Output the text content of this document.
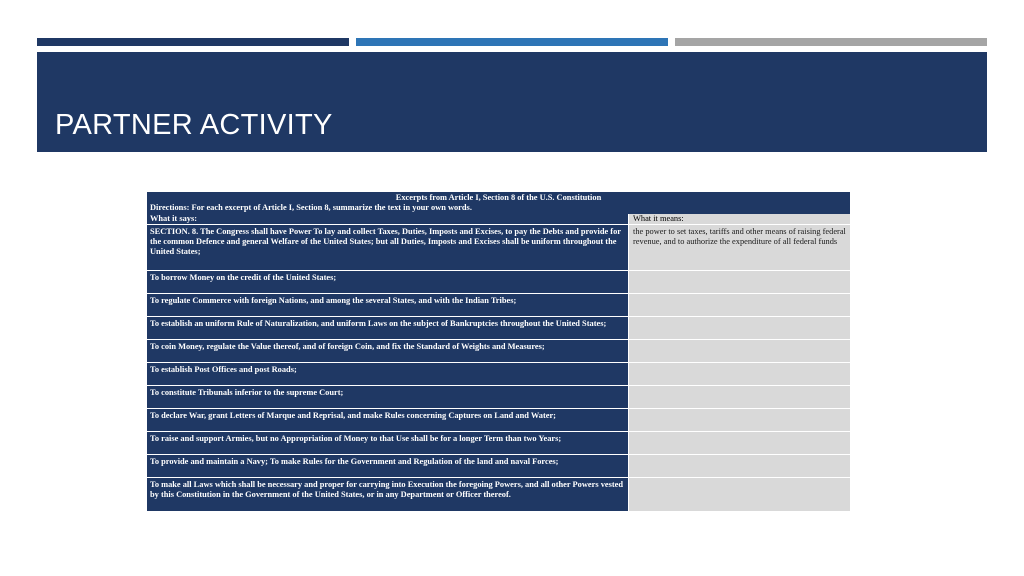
PARTNER ACTIVITY
Excerpts from Article I, Section 8 of the U.S. Constitution
Directions: For each excerpt of Article I, Section 8, summarize the text in your own words.
What it says:	What it means:
SECTION. 8. The Congress shall have Power To lay and collect Taxes, Duties, Imposts and Excises, to pay the Debts and provide for the common Defence and general Welfare of the United States; but all Duties, Imposts and Excises shall be uniform throughout the United States;
the power to set taxes, tariffs and other means of raising federal revenue, and to authorize the expenditure of all federal funds
To borrow Money on the credit of the United States;
To regulate Commerce with foreign Nations, and among the several States, and with the Indian Tribes;
To establish an uniform Rule of Naturalization, and uniform Laws on the subject of Bankruptcies throughout the United States;
To coin Money, regulate the Value thereof, and of foreign Coin, and fix the Standard of Weights and Measures;
To establish Post Offices and post Roads;
To constitute Tribunals inferior to the supreme Court;
To declare War, grant Letters of Marque and Reprisal, and make Rules concerning Captures on Land and Water;
To raise and support Armies, but no Appropriation of Money to that Use shall be for a longer Term than two Years;
To provide and maintain a Navy; To make Rules for the Government and Regulation of the land and naval Forces;
To make all Laws which shall be necessary and proper for carrying into Execution the foregoing Powers, and all other Powers vested by this Constitution in the Government of the United States, or in any Department or Officer thereof.
